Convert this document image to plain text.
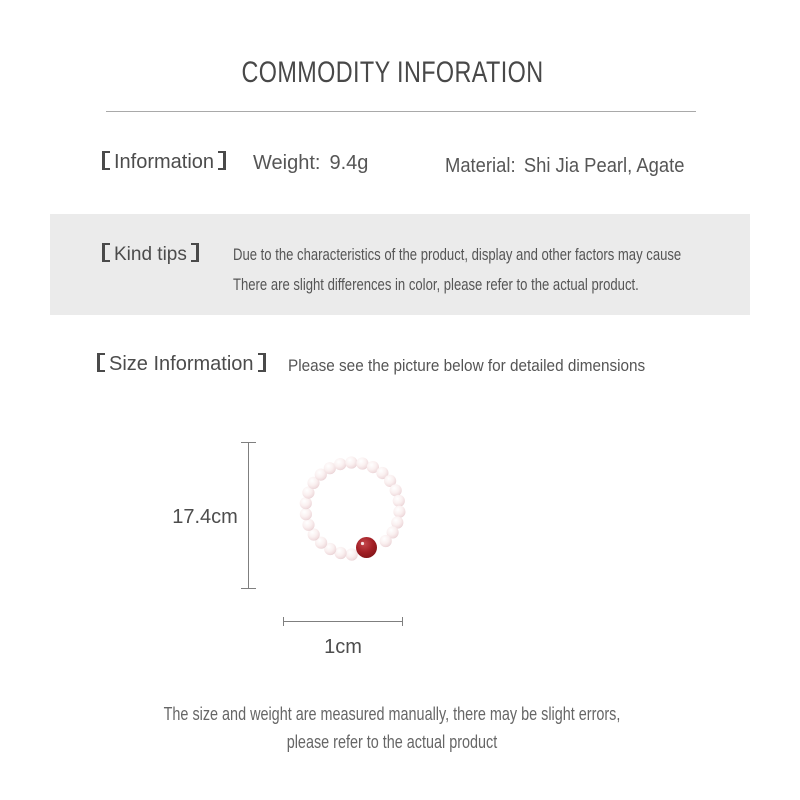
COMMODITY INFORATION
Information	Weight: 9.4g	Material: Shi Jia Pearl, Agate
Kind tips	Due to the characteristics of the product, display and other factors may cause
There are slight differences in color, please refer to the actual product.
Size Information	Please see the picture below for detailed dimensions
17.4cm
1cm
The size and weight are measured manually, there may be slight errors,
please refer to the actual product
